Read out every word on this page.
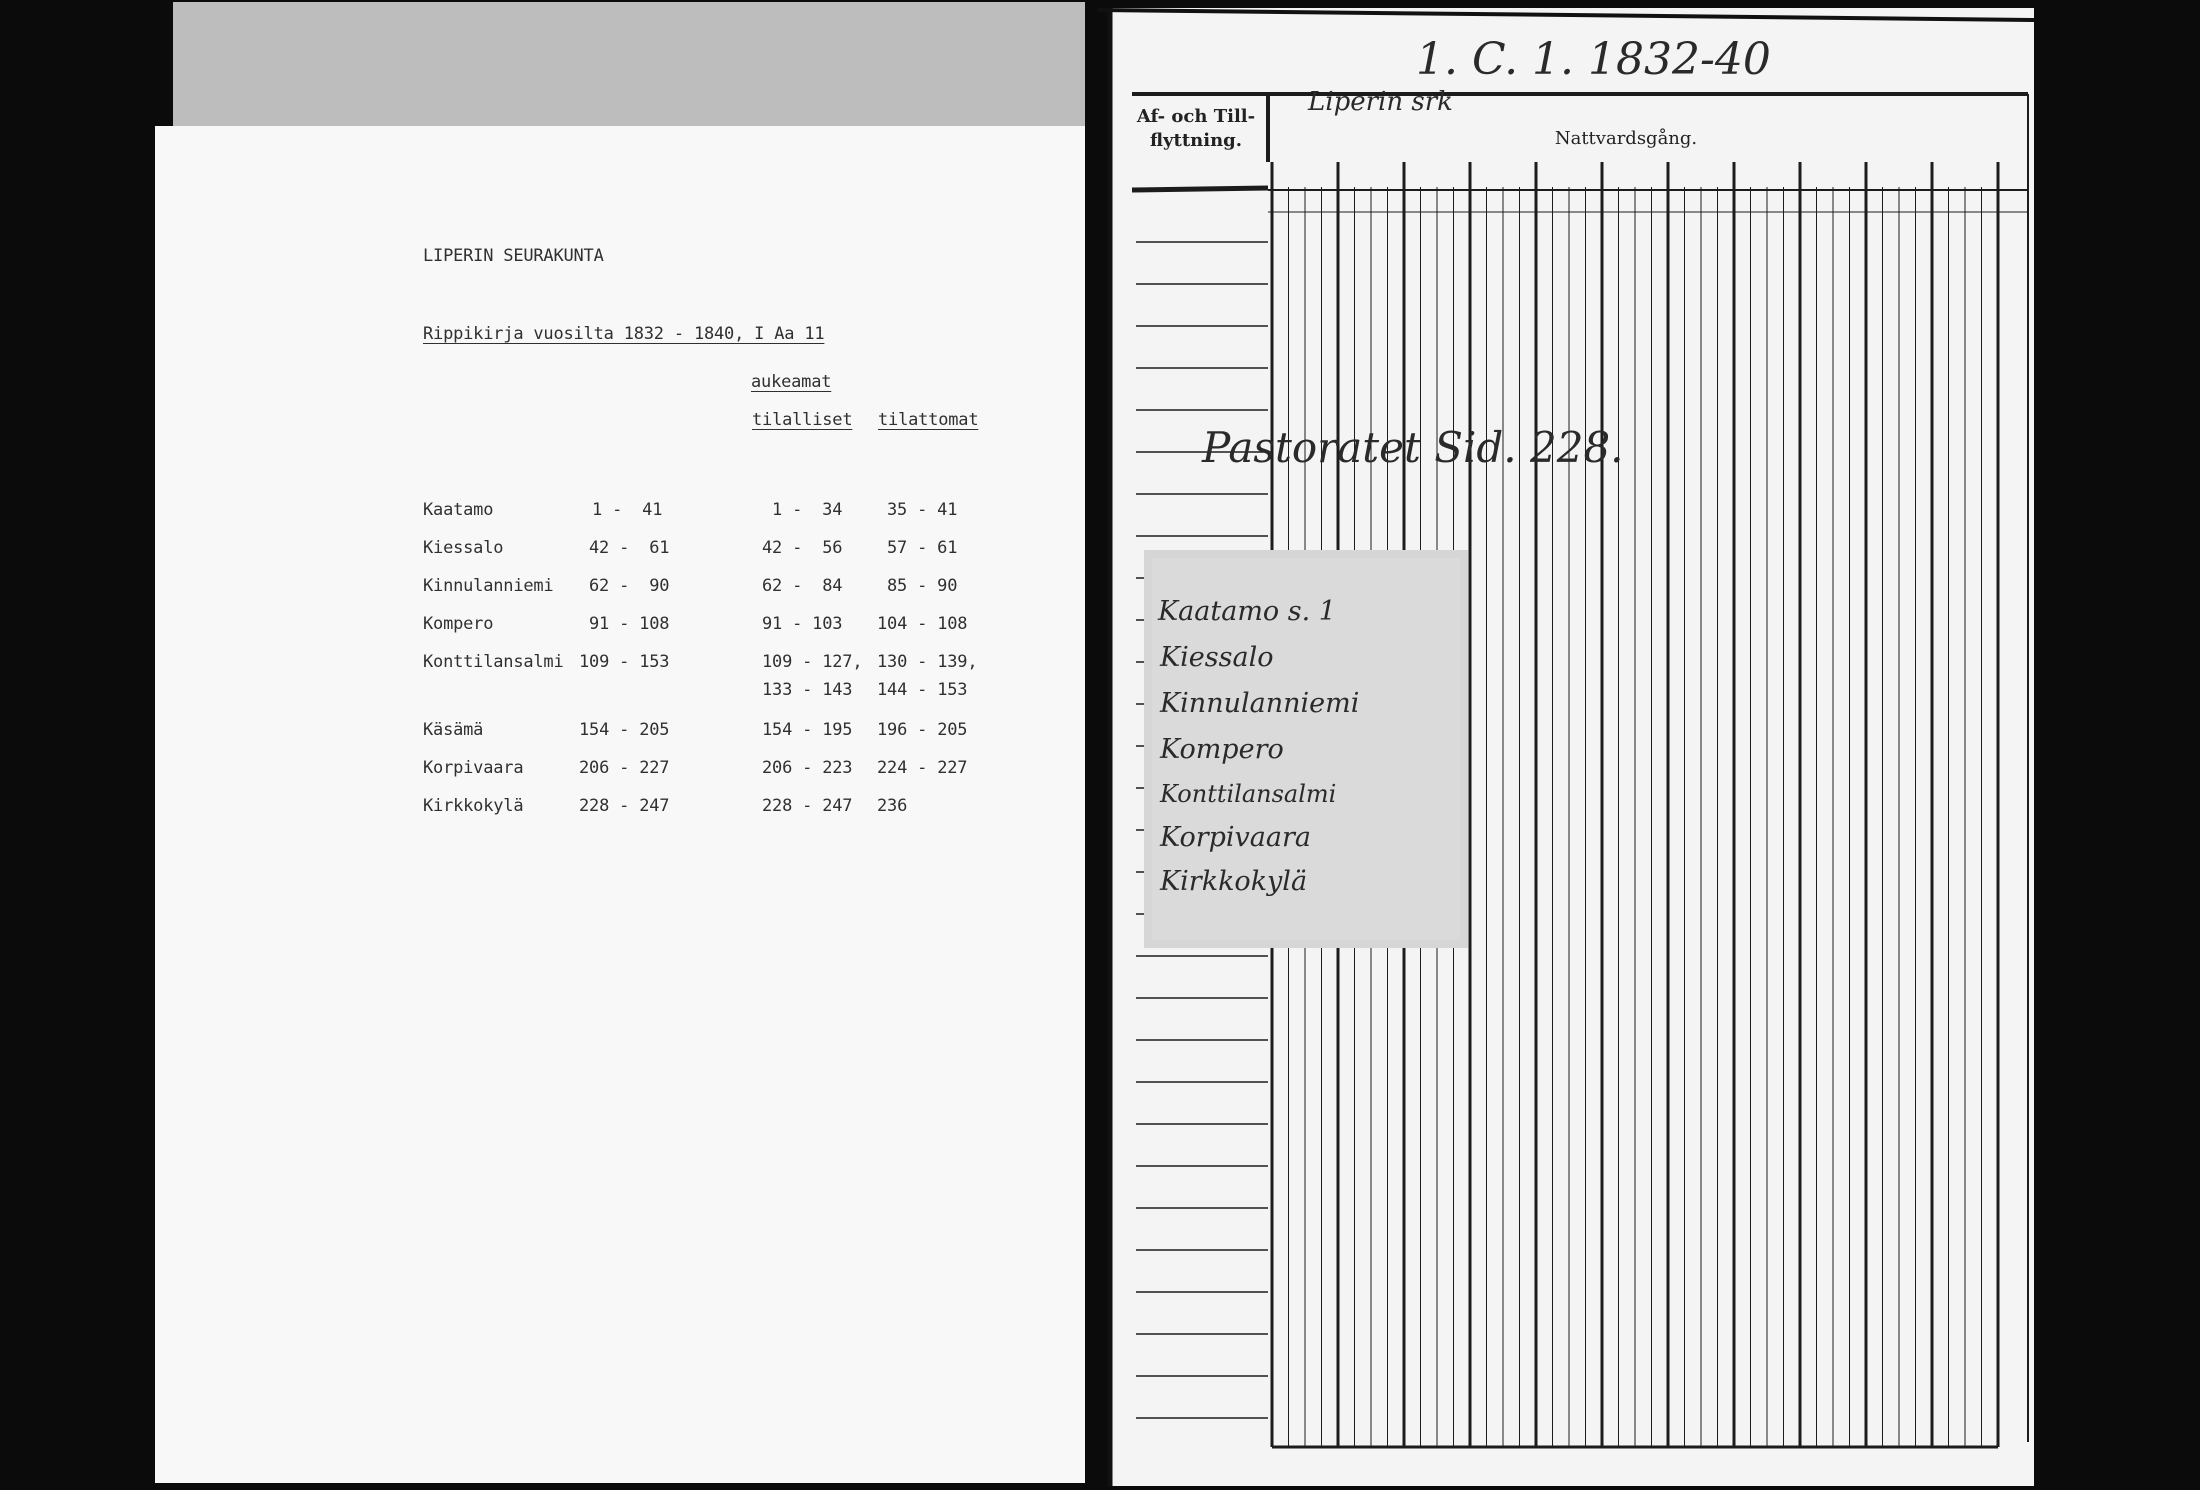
LIPERIN SEURAKUNTA
Rippikirja vuosilta 1832 - 1840, I Aa 11
aukeamat
tilalliset tilattomat
Kaatamo	1 -  41	1 -  34	35 - 41
Kiessalo	42 -  61	42 -  56	57 - 61
Kinnulanniemi 62 -  90	62 -  84	85 - 90
Kompero	91 - 108	91 - 103 104 - 108
Konttilansalmi 109 - 153	109 - 127, 130 - 139,
133 - 143 144 - 153
Käsämä	154 - 205	154 - 195 196 - 205
Korpivaara	206 - 227	206 - 223 224 - 227
Kirkkokylä	228 - 247	228 - 247 236
1. C. 1. 1832-40
Af- och Till-
flyttning.
Liperin srk
Nattvardsgång.
Pastoratet Sid. 228.
Kaatamo s. 1
Kiessalo
Kinnulanniemi
Kompero
Konttilansalmi
Korpivaara
Kirkkokylä
